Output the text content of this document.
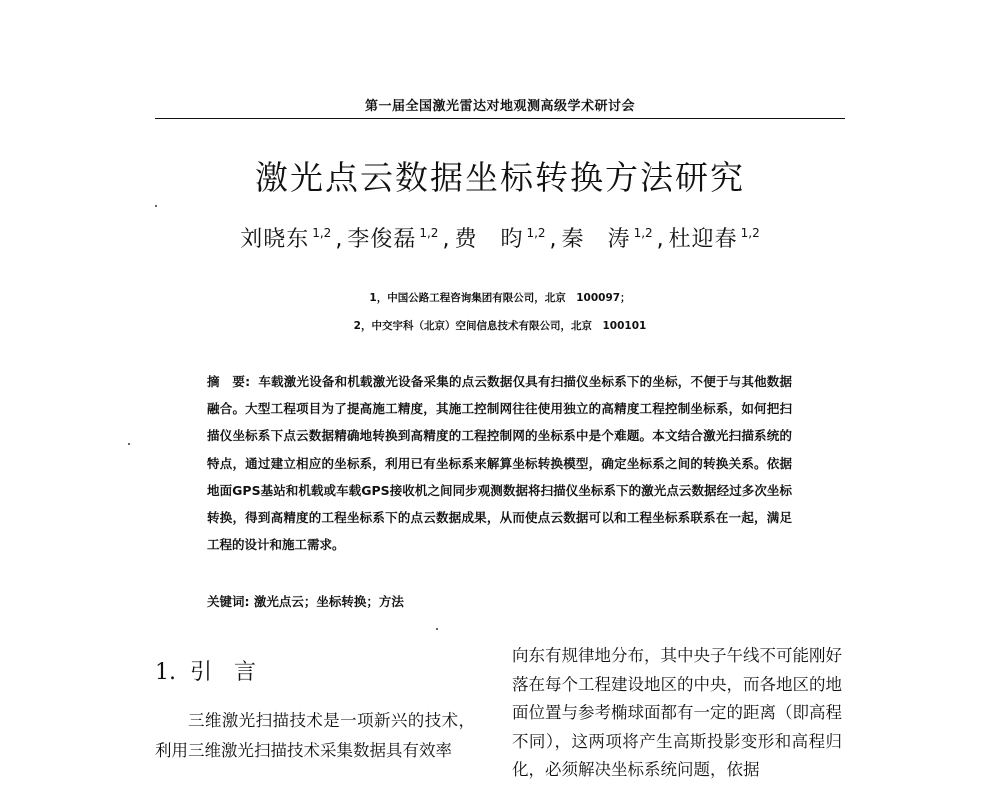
第一届全国激光雷达对地观测高级学术研讨会
激光点云数据坐标转换方法研究
刘晓东 $^{1,2}$ , 李俊磊 $^{1,2}$ , 费　昀 $^{1,2}$ , 秦　涛 $^{1,2}$ , 杜迎春 $^{1,2}$
1，中国公路工程咨询集团有限公司，北京　100097；
2，中交宇科（北京）空间信息技术有限公司，北京　100101
摘　要: 车载激光设备和机载激光设备采集的点云数据仅具有扫描仪坐标系下的坐标，不便于与其他数据融合。大型工程项目为了提高施工精度，其施工控制网往往使用独立的高精度工程控制坐标系，如何把扫描仪坐标系下点云数据精确地转换到高精度的工程控制网的坐标系中是个难题。本文结合激光扫描系统的特点，通过建立相应的坐标系，利用已有坐标系来解算坐标转换模型，确定坐标系之间的转换关系。依据地面GPS基站和机载或车载GPS接收机之间同步观测数据将扫描仪坐标系下的激光点云数据经过多次坐标转换，得到高精度的工程坐标系下的点云数据成果，从而使点云数据可以和工程坐标系联系在一起，满足工程的设计和施工需求。
关键词: 激光点云；坐标转换；方法
1. 引　言
三维激光扫描技术是一项新兴的技术，利用三维激光扫描技术采集数据具有效率
向东有规律地分布，其中央子午线不可能刚好落在每个工程建设地区的中央，而各地区的地面位置与参考椭球面都有一定的距离（即高程不同），这两项将产生高斯投影变形和高程归化，必须解决坐标系统问题，依据
